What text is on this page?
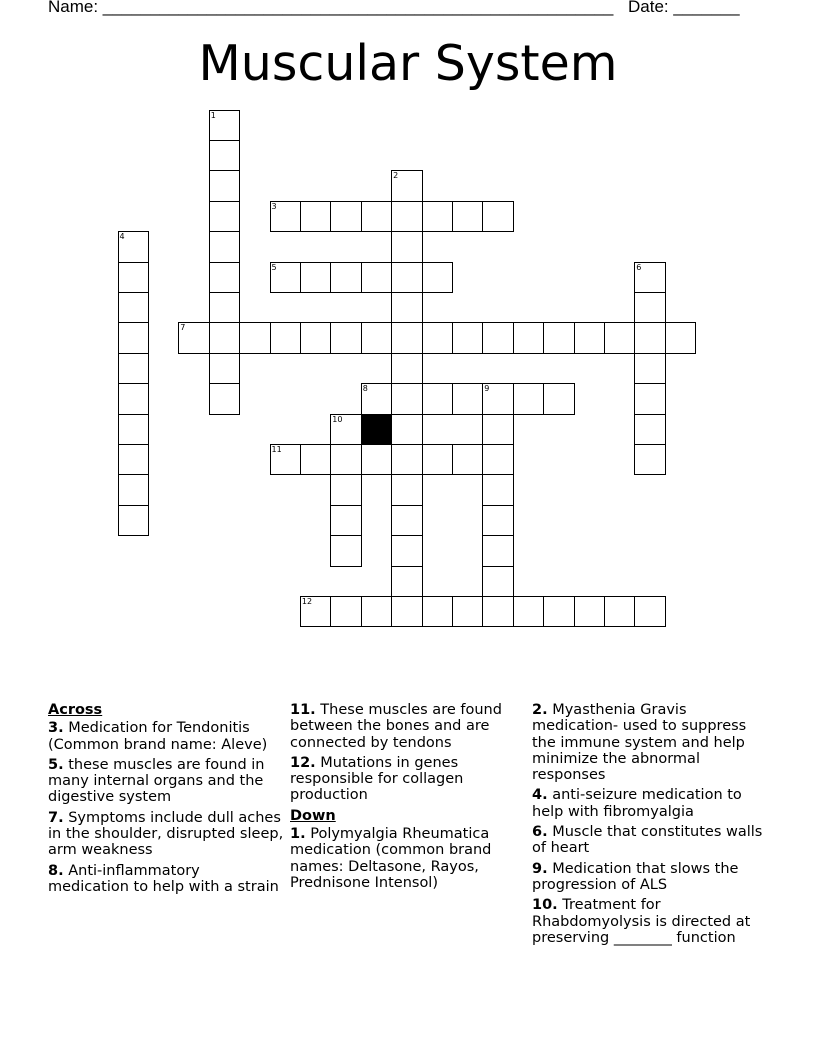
Name: ______________________________________________________ Date: _______
Muscular System
1
2
3
4
5	6
7
8	9
10
11
12
Across
3. Medication for Tendonitis (Common brand name: Aleve)
5. these muscles are found in many internal organs and the digestive system
7. Symptoms include dull aches in the shoulder, disrupted sleep, arm weakness
8. Anti-inflammatory medication to help with a strain
11. These muscles are found between the bones and are connected by tendons
12. Mutations in genes responsible for collagen production
Down
1. Polymyalgia Rheumatica medication (common brand names: Deltasone, Rayos, Prednisone Intensol)
2. Myasthenia Gravis medication- used to suppress the immune system and help minimize the abnormal responses
4. anti-seizure medication to help with fibromyalgia
6. Muscle that constitutes walls of heart
9. Medication that slows the progression of ALS
10. Treatment for Rhabdomyolysis is directed at preserving ________ function
